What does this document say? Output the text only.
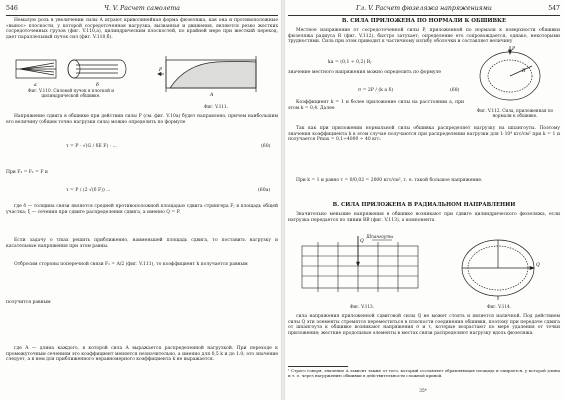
546	Ч. V. Расчет самолета
Немалую роль в увеличении силы А играют криволинейная форма фюзеляжа, как она и противоположные «вынос» плоскости, у которой сосредоточенная нагрузка, вызванная и движения, являются резко жестких сосредоточенных грузов (фиг. V.110,а), цилиндрическим плоскостей, по крайней мере при жесткий переход, дает параллельный пучок сил (фиг. V.110,б).
а	б
Фиг. V.110. Силовой пучок в плоской и цилиндрической обшивке.
P
A
Фиг. V.111.
Напряжение сдвига в обшивке при действии силы P (см. фиг. V.10а) будет направлено, причем наибольшим его величину (общем точно нагрузки сила) можно определить по формуле
τ = P · √(G / δE F) · ...	(60)
При F₁ = F₁ = F и
τ = P / (2 √(δ F)) ...	(60а)
где δ — толщина связи является средней противоположной площадью сдвига стрингера F; в площадь общей участка; ξ — сечения при сдвиге распределения сдвига, а именно Q = P.
Если задачу о τmax решить приближенно, наименьшей площадь сдвига, то поставить нагрузку и касательные напряжения при этом равны.
Отбросим стороны поперечной связи F₁ = A/2 (фиг. V.111), то коэффициент k получается равным
получится равным
где A — длина каждого, в которой сила A выражается распределенной нагрузкой. При переходе к промежуточным сечениям это коэффициент меняется незначительно, а именно для 0,5 k и до 1.0; это значение следует, а в нем для приближенного неравномерного коэффициента k не выражается.
Гл. V. Расчет фюзеляжа напряжениями	547
В. СИЛА ПРИЛОЖЕНА ПО НОРМАЛИ К ОБШИВКЕ
Местное напряжение от сосредоточенной силы P, приложенной по нормали к поверхности обшивки фюзеляжа радиуса R (фиг. V.112), быстро затухает; определение его сопровождается, однако, некоторыми трудностями. Сила при этом приводит к частичному изгибу оболочки и составляет величину
ka = (0,1 ÷ 0,2) R;
значение местного напряжения можно определить по формуле
σ = 2P / (k a δ)	(68)
P
R
Фиг. V.112. Сила, приложенная по нормали к обшивке.
Коэффициент k = 1 и более приложение силы на расстоянии a, при этом k = 0,4. Далее
Так как при приложении нормальной силы обшивка распределяет нагрузку на шпангоуты. Поэтому значения коэффициента k в этом случае получаются при распределении нагрузки для 1·10⁴ кгс/см² при k = 1 и получается Pmax = 0,1÷4000 ÷ 40 кгс.
При k = 1 и равно τ = 0/0,02 = 2000 кгс/см², т. е. такой большое напряжение.
В. СИЛА ПРИЛОЖЕНА В РАДИАЛЬНОМ НАПРАВЛЕНИИ
Значительно меньшие напряжения в обшивке возникают при сдвиге цилиндрического фюзеляжа, если нагрузка передается по линии ВВ (фиг. V.113), а компонента
Q
Шпангоуты
Фиг. V.113.
Q
Фиг. V.114.
сила напряжения приложенной сдвиговой силы Q не может стоять и является наличной. Под действием силы Q эти элементы стремятся переместиться в плоскости соединения обшивки, поэтому при передаче сдвига от шпангоута к обшивке возникают напряжения σ и τ, которые возрастают по мере удаления от точки приложения; жесткие продольные элементы в местах связи распределяют нагрузку вдоль фюзеляжа.
¹ Строго говоря, значение А зависит также от того, который составляет обрамляющая площадь и опирается, у которой длина и т. е. через нагружению обшивки в действительности сложной кривой.
35*
